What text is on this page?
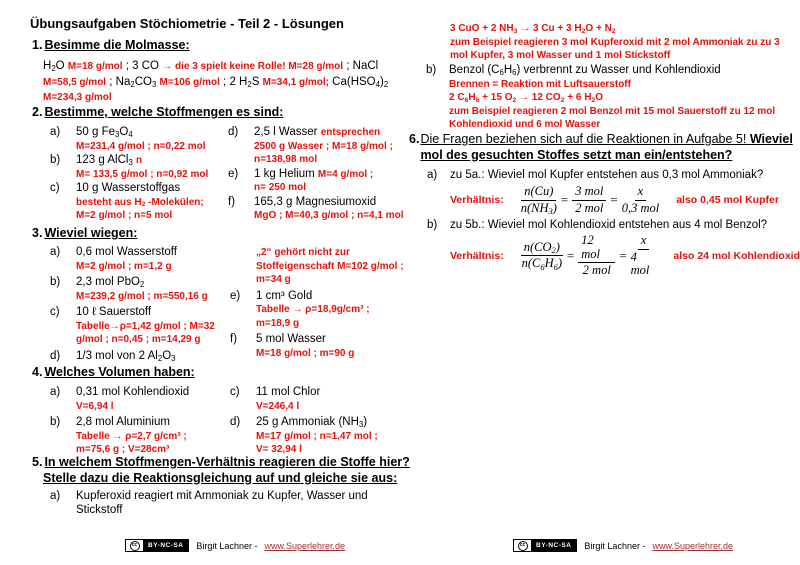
Übungsaufgaben Stöchiometrie - Teil 2 - Lösungen
1. Besimme die Molmasse:
$H_2O$ M=18 g/mol ; 3 CO → die 3 spielt keine Rolle! M=28 g/mol ; NaCl
M=58,5 g/mol ; $Na_2CO_3$ M=106 g/mol ; 2 $H_2S$ M=34,1 g/mol; $Ca(HSO_4)_2$
M=234,3 g/mol
2. Bestimme, welche Stoffmengen es sind:
a)	50 g $Fe_3O_4$
M=231,4 g/mol ; n=0,22 mol
b)	123 g AlCl$_3$ n
M= 133,5 g/mol ; n=0,92 mol
c)	10 g Wasserstoffgas
besteht aus $H_2$ -Molekülen;
M=2 g/mol ; n=5 mol
d)	2,5 l Wasser entsprechen
2500 g Wasser ; M=18 g/mol ;
n=138,98 mol
e)	1 kg Helium M=4 g/mol ;
n= 250 mol
f)	165,3 g Magnesiumoxid
MgO ; M=40,3 g/mol ; n=4,1 mol
3. Wieviel wiegen:
a)	0,6 mol Wasserstoff
M=2 g/mol ; m=1,2 g
b)	2,3 mol PbO$_2$
M=239,2 g/mol ; m=550,16 g
c)	10 ℓ Sauerstoff
Tabelle→ρ=1,42 g/mol ; M=32
g/mol ; n=0,45 ; m=14,29 g
d)	1/3 mol von 2 $Al_2O_3$
„2“ gehört nicht zur
Stoffeigenschaft M=102 g/mol ;
m=34 g
e)	1 cm³ Gold
Tabelle → ρ=18,9g/cm³ ;
m=18,9 g
f)	5 mol Wasser
M=18 g/mol ; m=90 g
4. Welches Volumen haben:
a)	0,31 mol Kohlendioxid
V=6,94 l
b)	2,8 mol Aluminium
Tabelle → ρ=2,7 g/cm³ ;
m=75,6 g ; V=28cm³
c)	11 mol Chlor
V=246,4 l
d)	25 g Ammoniak $(NH_3)$
M=17 g/mol ; n=1,47 mol ;
V= 32,94 l
5. In welchem Stoffmengen-Verhältnis reagieren die Stoffe hier?
Stelle dazu die Reaktionsgleichung auf und gleiche sie aus:
a)	Kupferoxid reagiert mit Ammoniak zu Kupfer, Wasser und
Stickstoff
3 CuO + 2 $NH_3 \to 3$ Cu + 3 $H_2O + N_2$
zum Beispiel reagieren 3 mol Kupferoxid mit 2 mol Ammoniak zu zu 3
mol Kupfer, 3 mol Wasser und 1 mol Stickstoff
b)	Benzol $(C_6H_6)$ verbrennt zu Wasser und Kohlendioxid
Brennen = Reaktion mit Luftsauerstoff
2 $C_6H_6 + 15$ $O_2 \to 12$ $CO_2 + 6$ $H_2O$
zum Beispiel reagieren 2 mol Benzol mit 15 mol Sauerstoff zu 12 mol
Kohlendioxid und 6 mol Wasser
6. Die Fragen beziehen sich auf die Reaktionen in Aufgabe 5! Wieviel
mol des gesuchten Stoffes setzt man ein/entstehen?
a)	zu 5a.: Wieviel mol Kupfer entstehen aus 0,3 mol Ammoniak?
Verhältnis: $\frac{n(Cu)}{n(NH_3)} = \frac{\text{3 mol}}{\text{2 mol}} = \frac{x}{\text{0,3 mol}}$ also 0,45 mol Kupfer
b)	zu 5b.: Wieviel mol Kohlendioxid entstehen aus 4 mol Benzol?
Verhältnis: $\frac{n(CO_2)}{n(C_6H_6)} = \frac{\text{12 mol}}{\text{2 mol}} = \frac{x}{\text{4 mol}}$ also 24 mol Kohlendioxid
cc	BY-NC-SA	Birgit Lachner - www.Superlehrer.de	cc	BY-NC-SA	Birgit Lachner - www.Superlehrer.de
